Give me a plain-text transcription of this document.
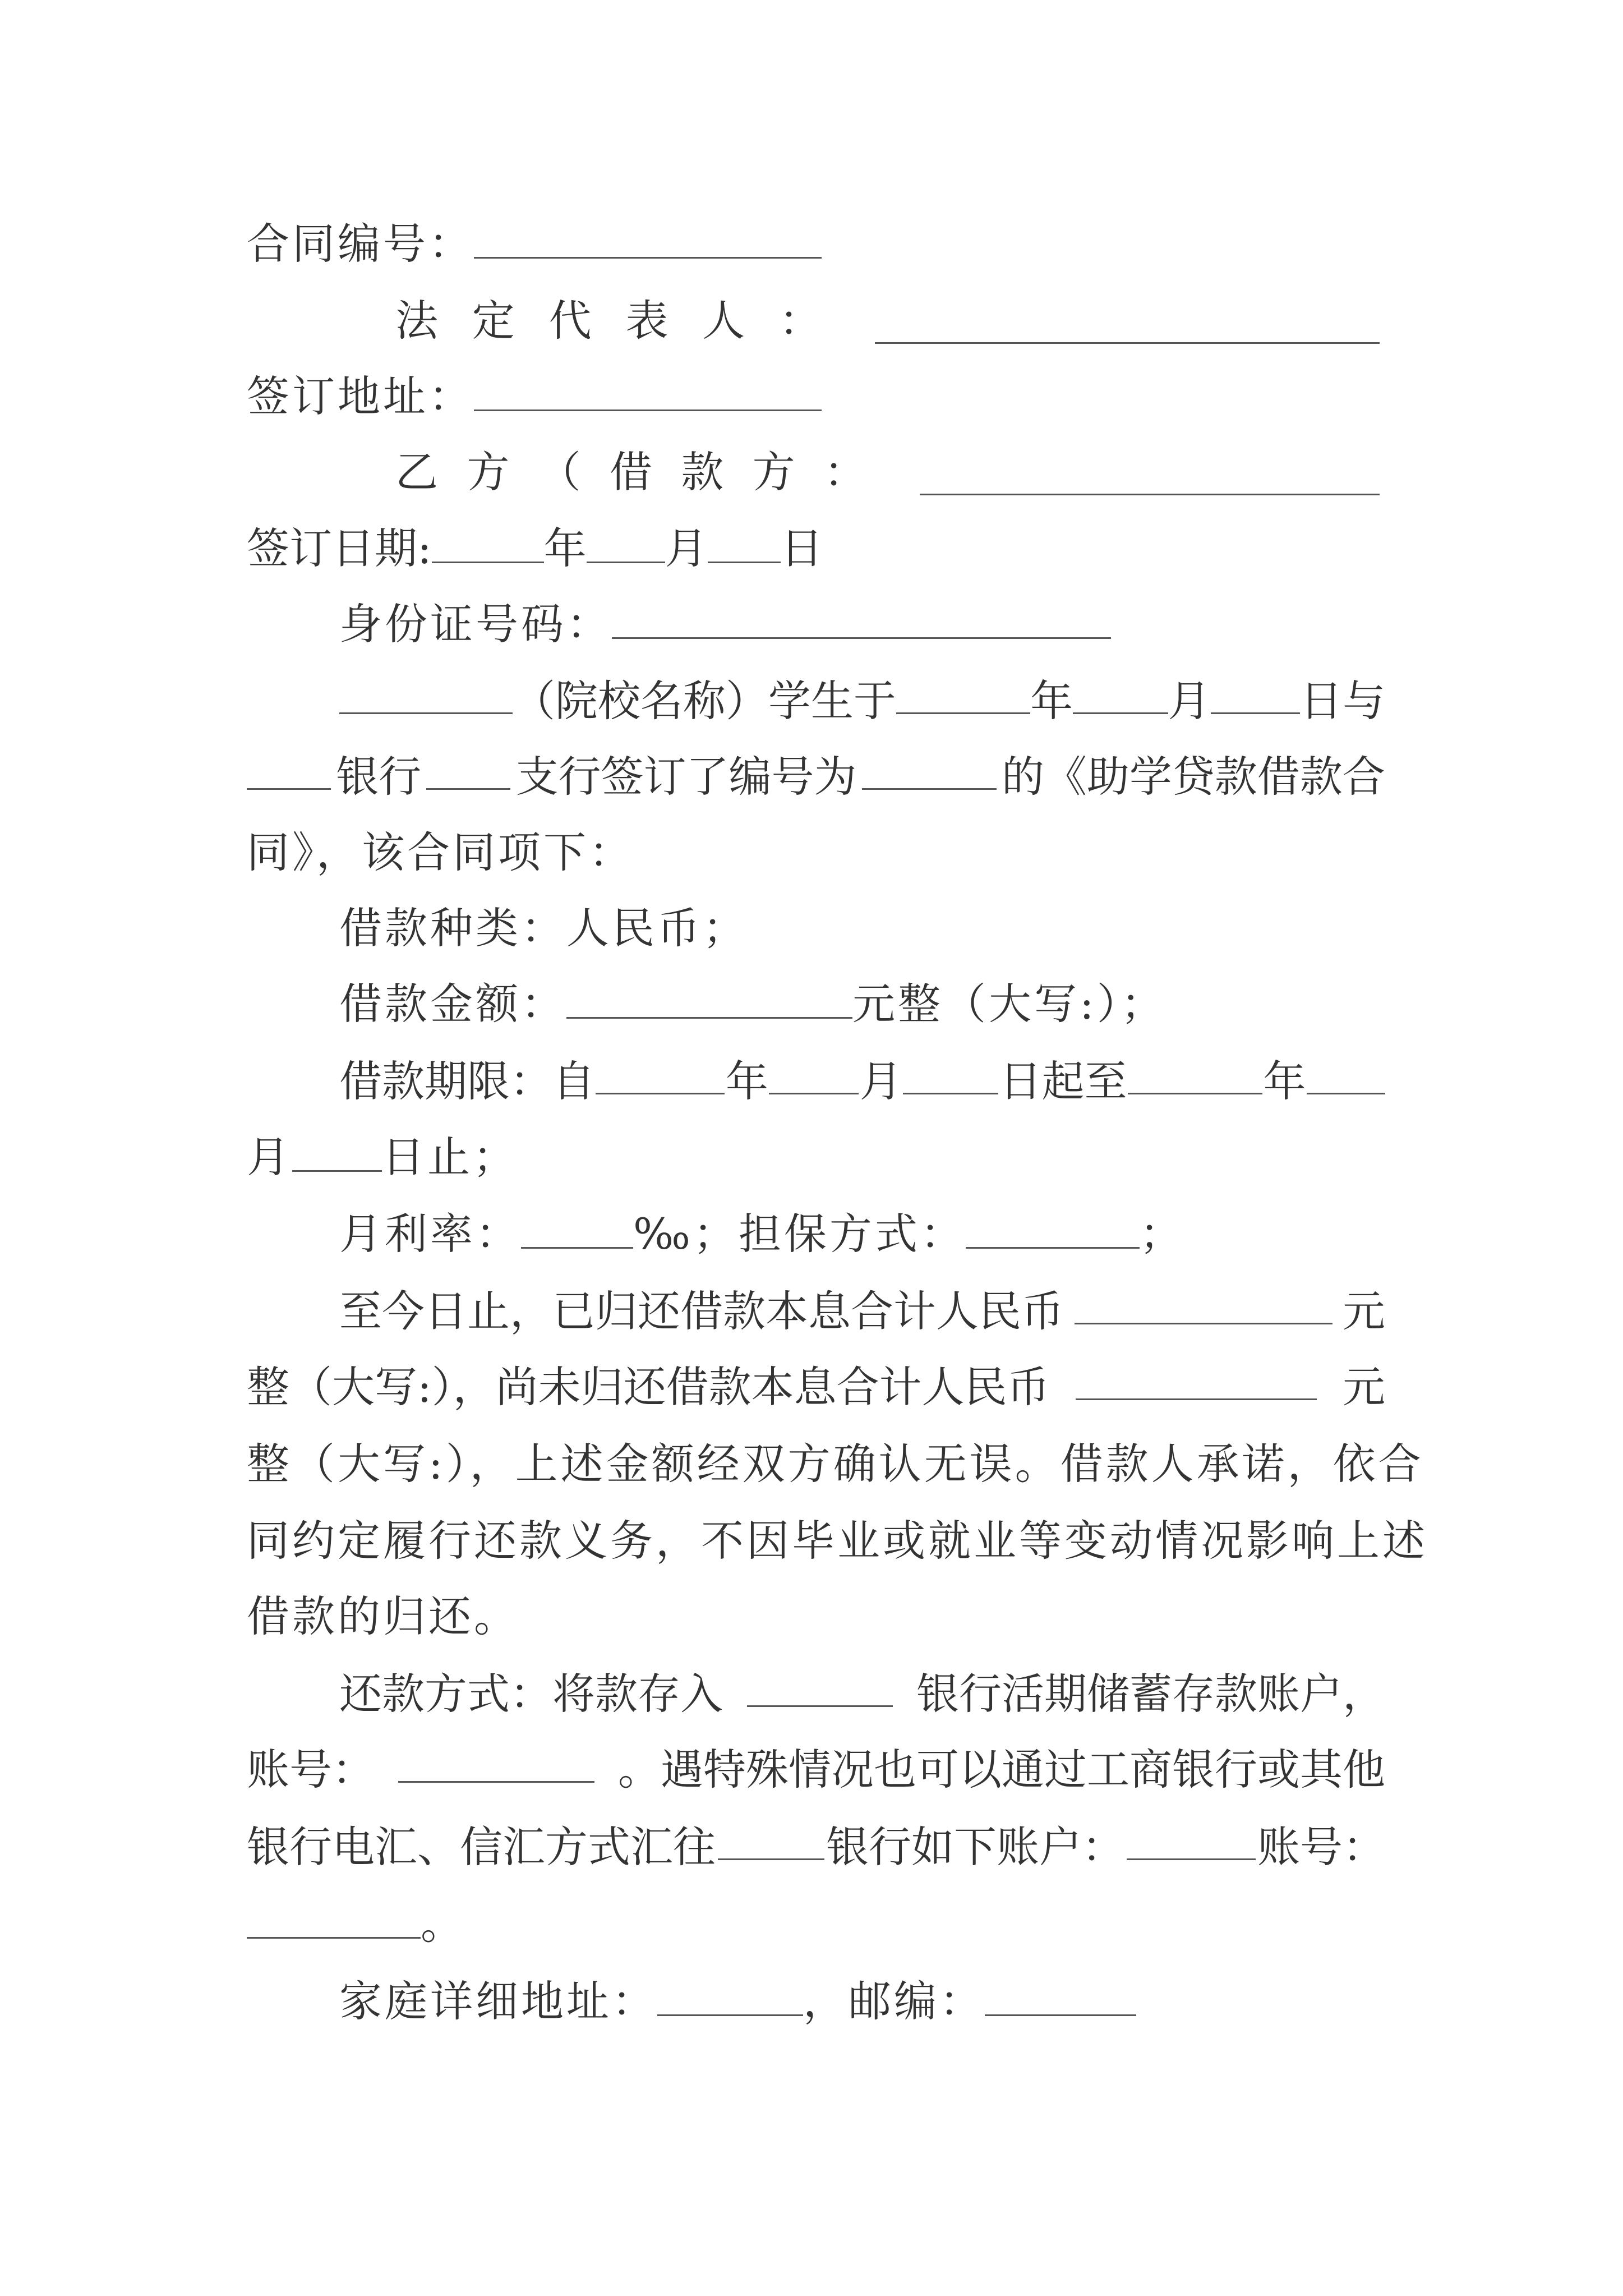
合同编号：
法 定 代 表 人 ：
签订地址：
乙 方 （ 借 款 方 ：
签订日期:	年 月 日
身份证号码：
（院校名称）学生于	年 月 日与
银行 支行签订了编号为	的《助学贷款借款合
同》，该合同项下：
借款种类：人民币；
借款金额：	元整（大写:）；
借款期限：自	年 月 日起至	年
月 日止；
月利率：	‰；担保方式：	；
至今日止，已归还借款本息合计人民币	元
整（大写:），尚未归还借款本息合计人民币	元
整（大写:），上述金额经双方确认无误。借款人承诺，依合
同约定履行还款义务，不因毕业或就业等变动情况影响上述
借款的归还。
还款方式：将款存入	银行活期储蓄存款账户，
账号：	。遇特殊情况也可以通过工商银行或其他
银行电汇、信汇方式汇往	银行如下账户：	账号：
。
家庭详细地址：	，邮编：
